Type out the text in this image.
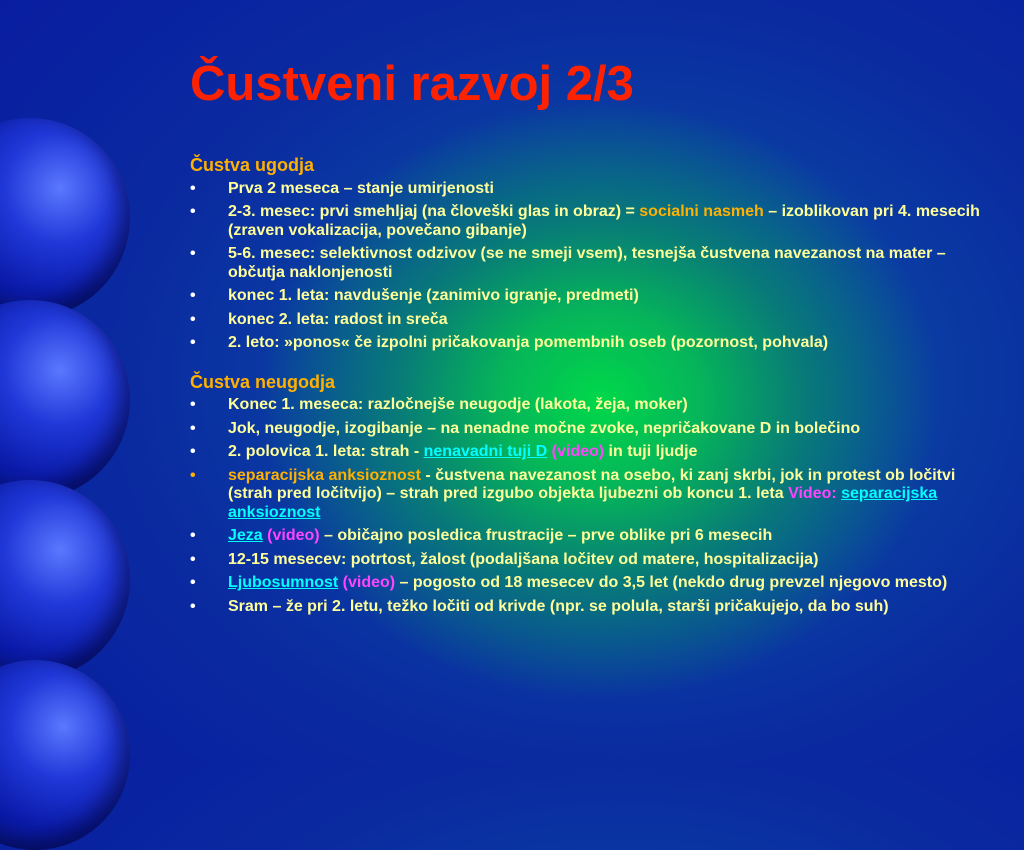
Čustveni razvoj 2/3
Čustva ugodja
• Prva 2 meseca – stanje umirjenosti
• 2-3. mesec: prvi smehljaj (na človeški glas in obraz) = socialni nasmeh – izoblikovan pri 4. mesecih (zraven vokalizacija, povečano gibanje)
• 5-6. mesec: selektivnost odzivov (se ne smeji vsem), tesnejša čustvena navezanost na mater – občutja naklonjenosti
• konec 1. leta: navdušenje (zanimivo igranje, predmeti)
• konec 2. leta: radost in sreča
• 2. leto: »ponos« če izpolni pričakovanja pomembnih oseb (pozornost, pohvala)
Čustva neugodja
• Konec 1. meseca: razločnejše neugodje (lakota, žeja, moker)
• Jok, neugodje, izogibanje – na nenadne močne zvoke, nepričakovane D in bolečino
• 2. polovica 1. leta: strah - nenavadni tuji D (video) in tuji ljudje
• separacijska anksioznost - čustvena navezanost na osebo, ki zanj skrbi, jok in protest ob ločitvi (strah pred ločitvijo) – strah pred izgubo objekta ljubezni ob koncu 1. leta Video: separacijska anksioznost
• Jeza (video) – običajno posledica frustracije – prve oblike pri 6 mesecih
• 12-15 mesecev: potrtost, žalost (podaljšana ločitev od matere, hospitalizacija)
• Ljubosumnost (video) – pogosto od 18 mesecev do 3,5 let (nekdo drug prevzel njegovo mesto)
• Sram – že pri 2. letu, težko ločiti od krivde (npr. se polula, starši pričakujejo, da bo suh)
